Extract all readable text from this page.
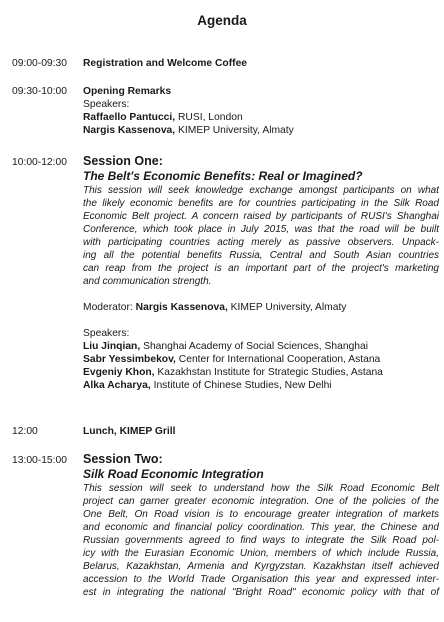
Agenda
09:00-09:30 Registration and Welcome Coffee
09:30-10:00 Opening Remarks
Speakers:
Raffaello Pantucci, RUSI, London
Nargis Kassenova, KIMEP University, Almaty
10:00-12:00 Session One:
The Belt's Economic Benefits: Real or Imagined?
This session will seek knowledge exchange amongst participants on what
the likely economic benefits are for countries participating in the Silk Road
Economic Belt project. A concern raised by participants of RUSI's Shanghai
Conference, which took place in July 2015, was that the road will be built
with participating countries acting merely as passive observers. Unpack-
ing all the potential benefits Russia, Central and South Asian countries
can reap from the project is an important part of the project's marketing
and communication strength.
Moderator: Nargis Kassenova, KIMEP University, Almaty
Speakers:
Liu Jinqian, Shanghai Academy of Social Sciences, Shanghai
Sabr Yessimbekov, Center for International Cooperation, Astana
Evgeniy Khon, Kazakhstan Institute for Strategic Studies, Astana
Alka Acharya, Institute of Chinese Studies, New Delhi
12:00	Lunch, KIMEP Grill
13:00-15:00 Session Two:
Silk Road Economic Integration
This session will seek to understand how the Silk Road Economic Belt
project can garner greater economic integration. One of the policies of the
One Belt, On Road vision is to encourage greater integration of markets
and economic and financial policy coordination. This year, the Chinese and
Russian governments agreed to find ways to integrate the Silk Road pol-
icy with the Eurasian Economic Union, members of which include Russia,
Belarus, Kazakhstan, Armenia and Kyrgyzstan. Kazakhstan itself achieved
accession to the World Trade Organisation this year and expressed inter-
est in integrating the national "Bright Road" economic policy with that of
